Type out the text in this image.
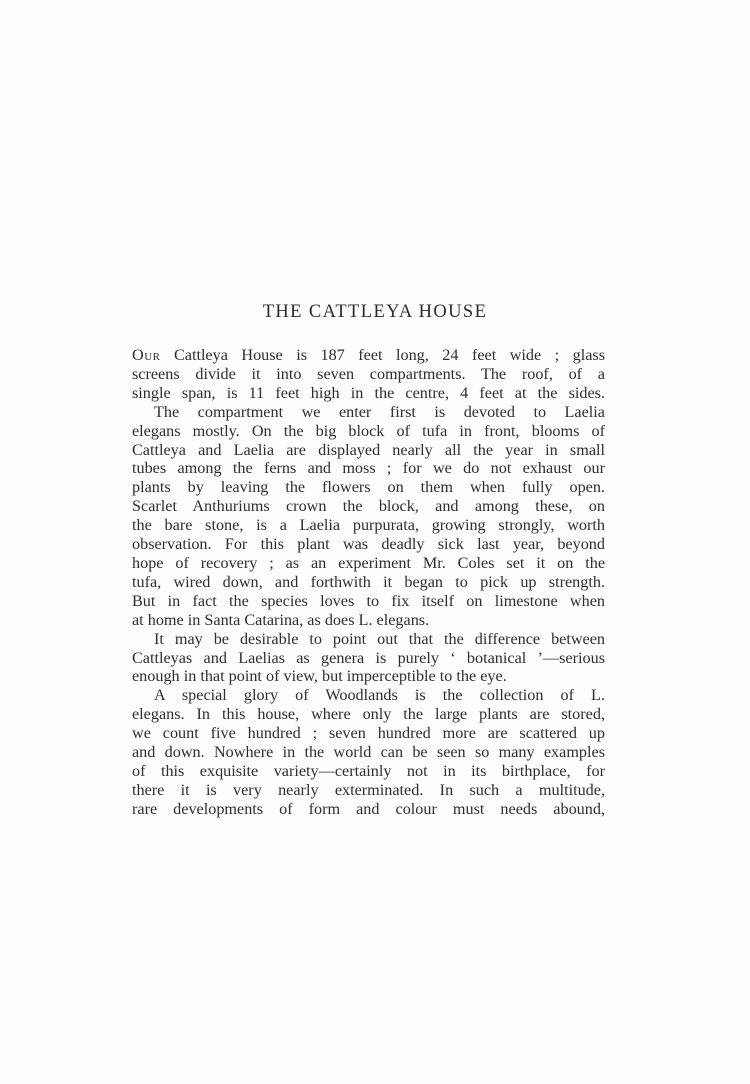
THE CATTLEYA HOUSE

Our Cattleya House is 187 feet long, 24 feet wide ; glass
screens divide it into seven compartments. The roof, of a
single span, is 11 feet high in the centre, 4 feet at the sides.

The compartment we enter first is devoted to Laelia
elegans mostly. On the big block of tufa in front, blooms of
Cattleya and Laelia are displayed nearly all the year in small
tubes among the ferns and moss ; for we do not exhaust our
plants by leaving the flowers on them when fully open.
Scarlet Anthuriums crown the block, and among these, on
the bare stone, is a Laelia purpurata, growing strongly, worth
observation. For this plant was deadly sick last year, beyond
hope of recovery ; as an experiment Mr. Coles set it on the
tufa, wired down, and forthwith it began to pick up strength.
But in fact the species loves to fix itself on limestone when
at home in Santa Catarina, as does L. elegans.

It may be desirable to point out that the difference between
Cattleyas and Laelias as genera is purely ‘ botanical ’—serious
enough in that point of view, but imperceptible to the eye.

A special glory of Woodlands is the collection of L.
elegans. In this house, where only the large plants are stored,
we count five hundred ; seven hundred more are scattered up
and down. Nowhere in the world can be seen so many examples
of this exquisite variety—certainly not in its birthplace, for
there it is very nearly exterminated. In such a multitude,
rare developments of form and colour must needs abound,
